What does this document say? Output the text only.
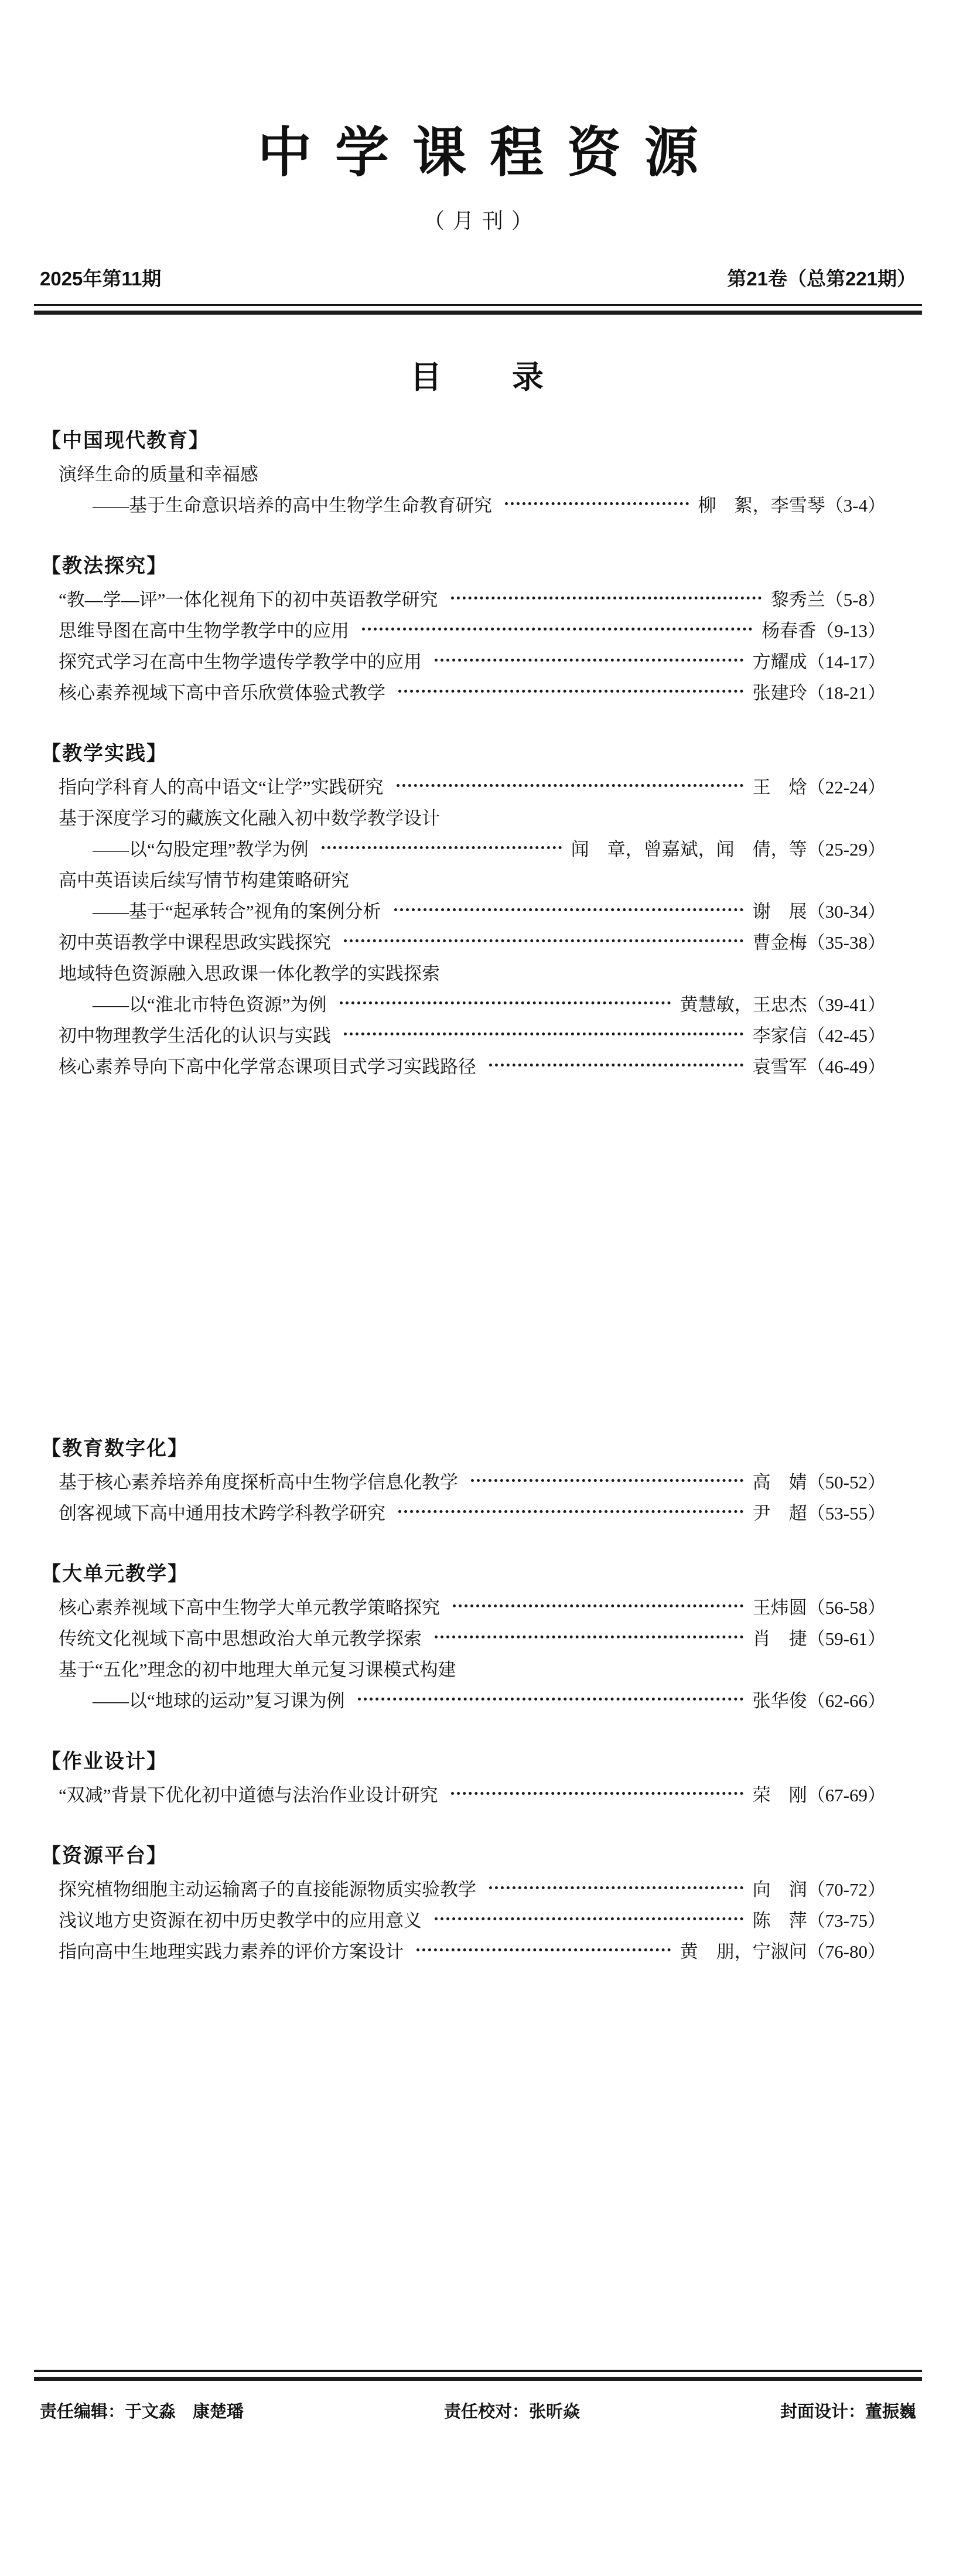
中学课程资源
（月刊）
2025年第11期	第21卷（总第221期）
目　　录
【中国现代教育】
演绎生命的质量和幸福感
——基于生命意识培养的高中生物学生命教育研究	柳　絮，李雪琴 （3-4）
【教法探究】
“教—学—评”一体化视角下的初中英语教学研究	黎秀兰 （5-8）
思维导图在高中生物学教学中的应用	杨春香 （9-13）
探究式学习在高中生物学遗传学教学中的应用	方耀成 （14-17）
核心素养视域下高中音乐欣赏体验式教学	张建玲 （18-21）
【教学实践】
指向学科育人的高中语文“让学”实践研究	王　焓 （22-24）
基于深度学习的藏族文化融入初中数学教学设计
——以“勾股定理”教学为例	闻　章，曾嘉斌，闻　倩，等 （25-29）
高中英语读后续写情节构建策略研究
——基于“起承转合”视角的案例分析	谢　展 （30-34）
初中英语教学中课程思政实践探究	曹金梅 （35-38）
地域特色资源融入思政课一体化教学的实践探索
——以“淮北市特色资源”为例	黄慧敏，王忠杰 （39-41）
初中物理教学生活化的认识与实践	李家信 （42-45）
核心素养导向下高中化学常态课项目式学习实践路径	袁雪军 （46-49）
【教育数字化】
基于核心素养培养角度探析高中生物学信息化教学	高　婧 （50-52）
创客视域下高中通用技术跨学科教学研究	尹　超 （53-55）
【大单元教学】
核心素养视域下高中生物学大单元教学策略探究	王炜圆 （56-58）
传统文化视域下高中思想政治大单元教学探索	肖　捷 （59-61）
基于“五化”理念的初中地理大单元复习课模式构建
——以“地球的运动”复习课为例	张华俊 （62-66）
【作业设计】
“双减”背景下优化初中道德与法治作业设计研究	荣　刚 （67-69）
【资源平台】
探究植物细胞主动运输离子的直接能源物质实验教学	向　润 （70-72）
浅议地方史资源在初中历史教学中的应用意义	陈　萍 （73-75）
指向高中生地理实践力素养的评价方案设计	黄　朋，宁淑问 （76-80）
责任编辑：于文淼　康楚璠	责任校对：张昕焱	封面设计：董振巍
